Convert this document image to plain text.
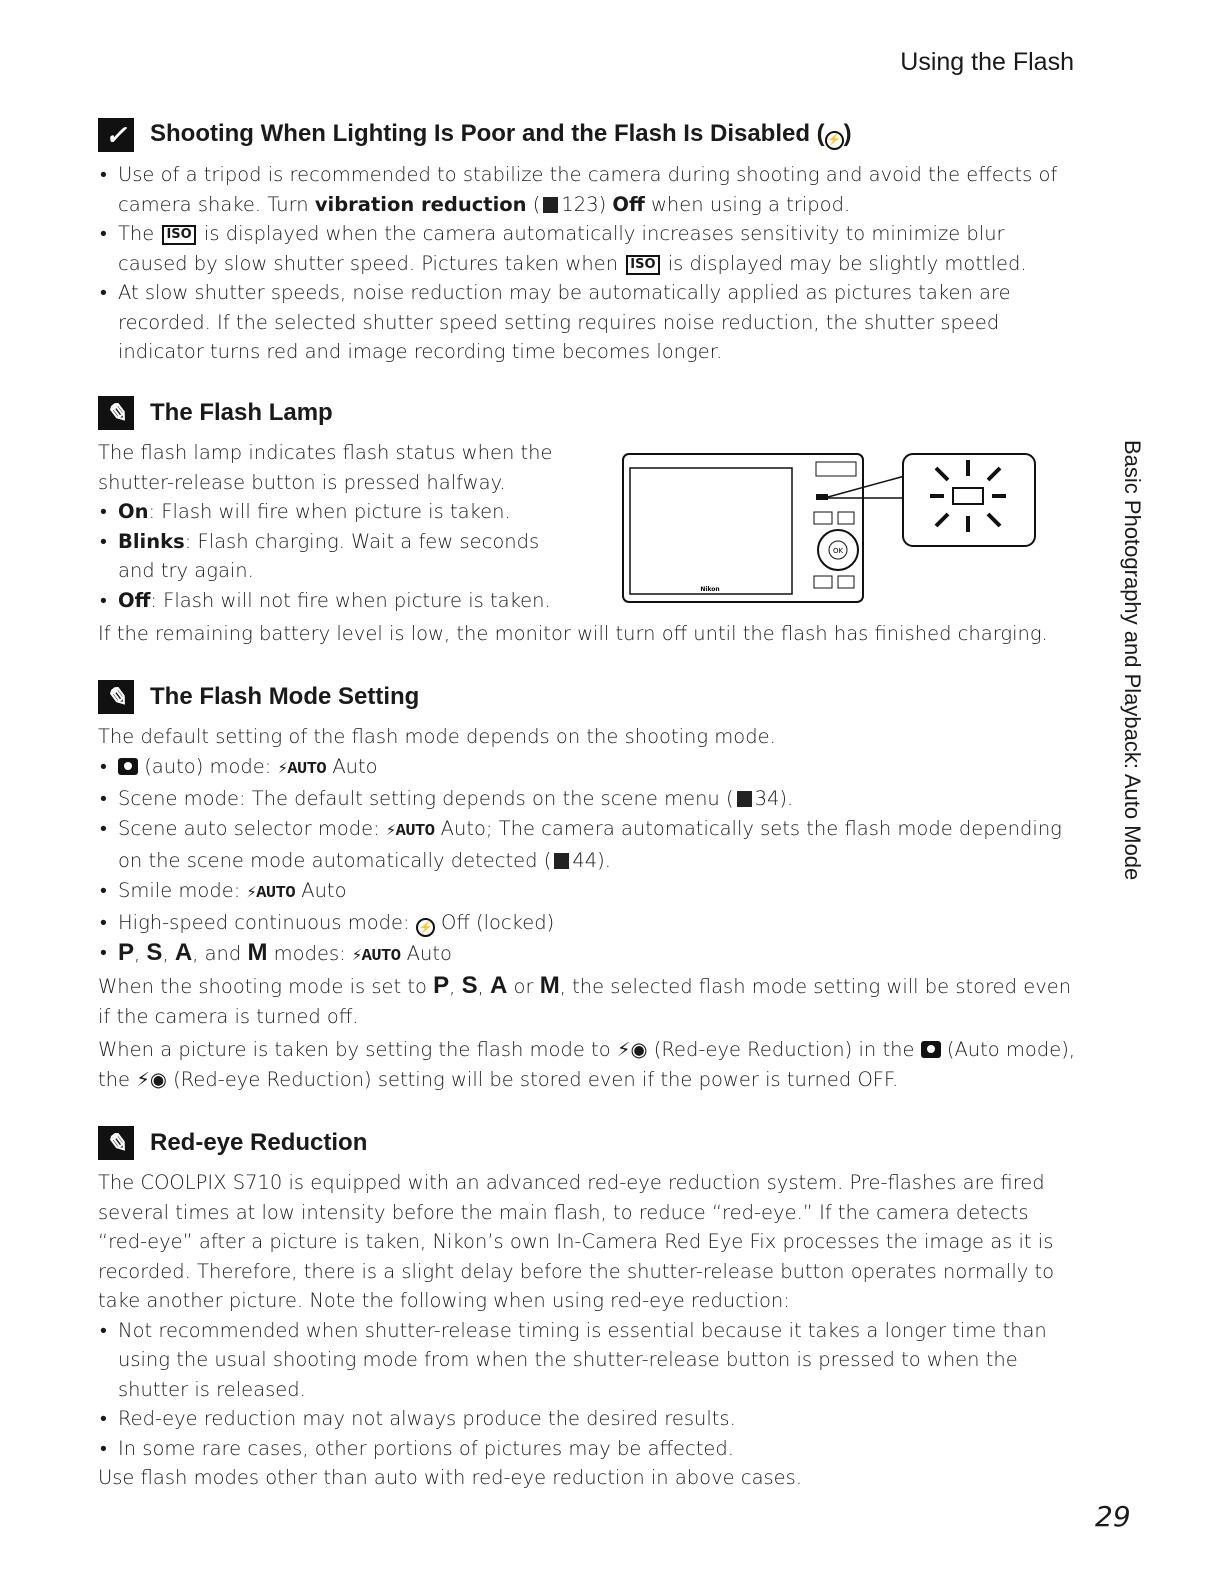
Using the Flash
✓ Shooting When Lighting Is Poor and the Flash Is Disabled ( ⚡ )
• Use of a tripod is recommended to stabilize the camera during shooting and avoid the effects of camera shake. Turn vibration reduction ( 123) Off when using a tripod.
• The ISO is displayed when the camera automatically increases sensitivity to minimize blur caused by slow shutter speed. Pictures taken when ISO is displayed may be slightly mottled.
• At slow shutter speeds, noise reduction may be automatically applied as pictures taken are recorded. If the selected shutter speed setting requires noise reduction, the shutter speed indicator turns red and image recording time becomes longer.
✎ The Flash Lamp

The flash lamp indicates flash status when the shutter-release button is pressed halfway.

• On: Flash will fire when picture is taken.
• Blinks: Flash charging. Wait a few seconds and try again.
• Off: Flash will not fire when picture is taken.

If the remaining battery level is low, the monitor will turn off until the flash has finished charging.

Nikon
OK
✎ The Flash Mode Setting

The default setting of the flash mode depends on the shooting mode.

• (auto) mode: ⚡AUTO Auto
• Scene mode: The default setting depends on the scene menu ( 34).
• Scene auto selector mode: ⚡AUTO Auto; The camera automatically sets the flash mode depending on the scene mode automatically detected ( 44).
• Smile mode: ⚡AUTO Auto
• High-speed continuous mode: ⚡ Off (locked)
• P, S, A, and M modes: ⚡AUTO Auto

When the shooting mode is set to P, S, A or M, the selected flash mode setting will be stored even if the camera is turned off.

When a picture is taken by setting the flash mode to ⚡◉ (Red-eye Reduction) in the  (Auto mode), the ⚡◉ (Red-eye Reduction) setting will be stored even if the power is turned OFF.

✎ Red-eye Reduction

The COOLPIX S710 is equipped with an advanced red-eye reduction system. Pre-flashes are fired several times at low intensity before the main flash, to reduce “red-eye.” If the camera detects “red-eye” after a picture is taken, Nikon’s own In-Camera Red Eye Fix processes the image as it is recorded. Therefore, there is a slight delay before the shutter-release button operates normally to take another picture. Note the following when using red-eye reduction:

• Not recommended when shutter-release timing is essential because it takes a longer time than using the usual shooting mode from when the shutter-release button is pressed to when the shutter is released.
• Red-eye reduction may not always produce the desired results.
• In some rare cases, other portions of pictures may be affected.

Use flash modes other than auto with red-eye reduction in above cases.

Basic Photography and Playback: Auto Mode
29
